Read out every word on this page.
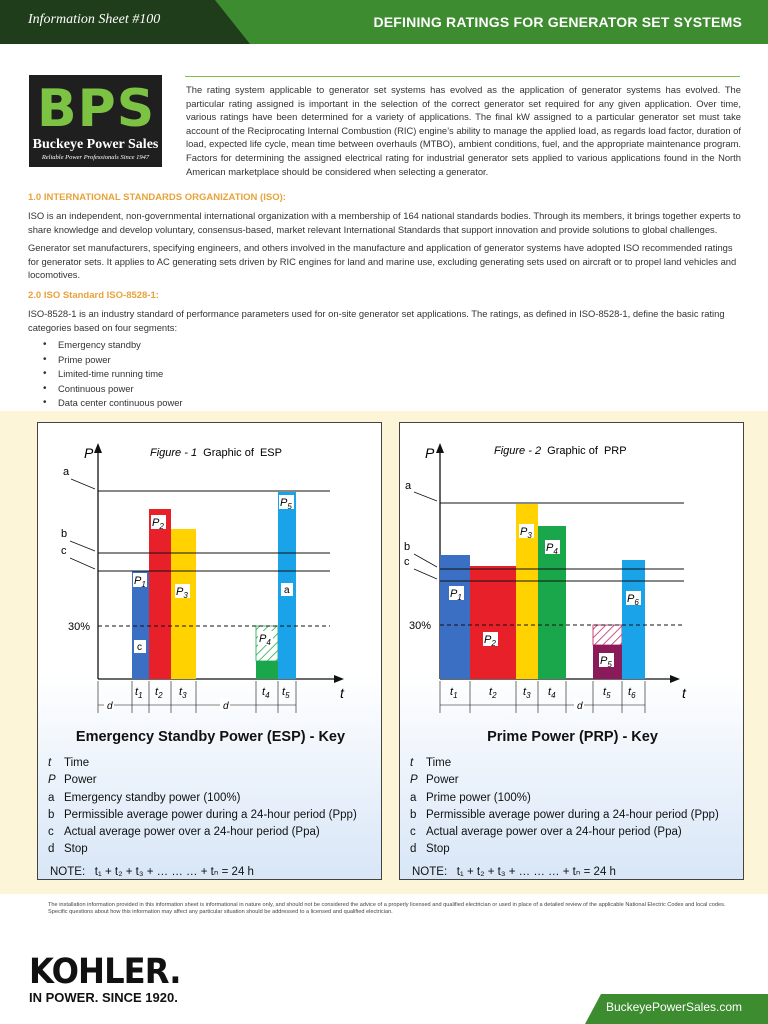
Information Sheet #100	DEFINING RATINGS FOR GENERATOR SET SYSTEMS
BPS
Buckeye Power Sales
Reliable Power Professionals Since 1947
The rating system applicable to generator set systems has evolved as the application of generator systems has evolved. The particular rating assigned is important in the selection of the correct generator set required for any given application. Over time, various ratings have been determined for a variety of applications. The final kW assigned to a particular generator set must take account of the Reciprocating Internal Combustion (RIC) engine’s ability to manage the applied load, as regards load factor, duration of load, expected life cycle, mean time between overhauls (MTBO), ambient conditions, fuel, and the appropriate maintenance program. Factors for determining the assigned electrical rating for industrial generator sets applied to various applications found in the North American marketplace should be considered when selecting a generator.
1.0 INTERNATIONAL STANDARDS ORGANIZATION (ISO):
ISO is an independent, non-governmental international organization with a membership of 164 national standards bodies. Through its members, it brings together experts to share knowledge and develop voluntary, consensus-based, market relevant International Standards that support innovation and provide solutions to global challenges.
Generator set manufacturers, specifying engineers, and others involved in the manufacture and application of generator systems have adopted ISO recommended ratings for generator sets. It applies to AC generating sets driven by RIC engines for land and marine use, excluding generating sets used on aircraft or to propel land vehicles and locomotives.
2.0 ISO Standard ISO-8528-1:
ISO-8528-1 is an industry standard of performance parameters used for on-site generator set applications. The ratings, as defined in ISO-8528-1, define the basic rating categories based on four segments:
• Emergency standby
• Prime power
• Limited-time running time
• Continuous power
• Data center continuous power
P
t
Figure - 1 Graphic of ESP
a
b
c
30%
$P_1$
$P_2$
$P_3$
$P_4$
$P_5$
a
c
d	d
$t_1$ $t_2$ $t_3$	$t_4$ $t_5$
Emergency Standby Power (ESP) - Key
t Time
P Power
a Emergency standby power (100%)
b Permissible average power during a 24-hour period (Ppp)
c Actual average power over a 24-hour period (Ppa)
d Stop
NOTE: t₁ + t₂ + t₃ + … … … + tₙ = 24 h
P
t
Figure - 2 Graphic of PRP
a
b
c
30%
$P_1$
$P_2$
$P_3$
$P_4$
$P_5$
$P_6$
d
$t_1$	$t_2$ $t_3$ $t_4$	$t_5$ $t_6$
Prime Power (PRP) - Key
t Time
P Power
a Prime power (100%)
b Permissible average power during a 24-hour period (Ppp)
c Actual average power over a 24-hour period (Ppa)
d Stop
NOTE: t₁ + t₂ + t₃ + … … … + tₙ = 24 h
The installation information provided in this information sheet is informational in nature only, and should not be considered the advice of a properly licensed and qualified electrician or used in place of a detailed review of the applicable National Electric Codes and local codes. Specific questions about how this information may affect any particular situation should be addressed to a licensed and qualified electrician.
KOHLER.
IN POWER. SINCE 1920.
BuckeyePowerSales.com
